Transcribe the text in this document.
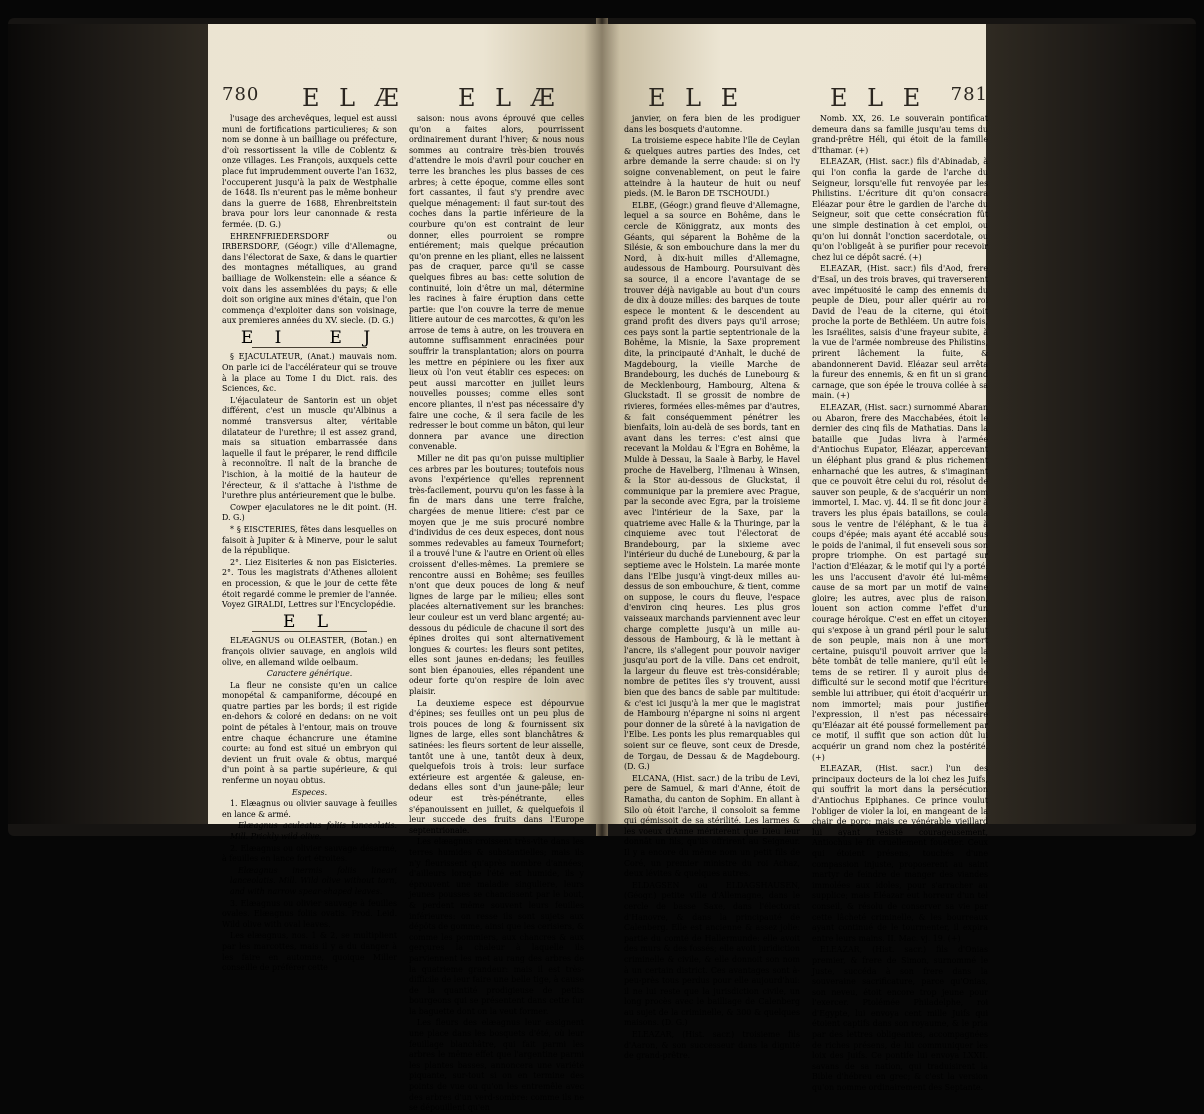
780 E L Æ E L Æ	E L E	E L E 781

l'usage des archevêques, lequel est aussi muni de fortifications particulieres; & son nom se donne à un bailliage ou préfecture, d'où ressortissent la ville de Coblentz & onze villages. Les François, auxquels cette place fut imprudemment ouverte l'an 1632, l'occuperent jusqu'à la paix de Westphalie de 1648. Ils n'eurent pas le même bonheur dans la guerre de 1688, Ehrenbreitstein brava pour lors leur canonnade & resta fermée. (D. G.)

EHRENFRIEDERSDORF ou IRBERSDORF, (Géogr.) ville d'Allemagne, dans l'électorat de Saxe, & dans le quartier des montagnes métalliques, au grand bailliage de Wolkenstein: elle a séance & voix dans les assemblées du pays; & elle doit son origine aux mines d'étain, que l'on commença d'exploiter dans son voisinage, aux premieres années du XV. siecle. (D. G.)

E I   E J

§ EJACULATEUR, (Anat.) mauvais nom. On parle ici de l'accélérateur qui se trouve à la place au Tome I du Dict. rais. des Sciences, &c.

L'éjaculateur de Santorin est un objet différent, c'est un muscle qu'Albinus a nommé transversus alter, véritable dilatateur de l'urethre; il est assez grand, mais sa situation embarrassée dans laquelle il faut le préparer, le rend difficile à reconnoître. Il naît de la branche de l'ischion, à la moitié de la hauteur de l'érecteur, & il s'attache à l'isthme de l'urethre plus antérieurement que le bulbe.

Cowper ejaculatores ne le dit point. (H. D. G.)

* § EISCTERIES, fêtes dans lesquelles on faisoit à Jupiter & à Minerve, pour le salut de la république.

2°. Liez Eisiteries & non pas Eisicteries. 2°. Tous les magistrats d'Athenes alloient en procession, & que le jour de cette fête étoit regardé comme le premier de l'année. Voyez GIRALDI, Lettres sur l'Encyclopédie.

E L

ELÆAGNUS ou OLEASTER, (Botan.) en françois olivier sauvage, en anglois wild olive, en allemand wilde oelbaum.

Caractere générique.

La fleur ne consiste qu'en un calice monopétal & campaniforme, découpé en quatre parties par les bords; il est rigide en-dehors & coloré en dedans: on ne voit point de pétales à l'entour, mais on trouve entre chaque échancrure une étamine courte: au fond est situé un embryon qui devient un fruit ovale & obtus, marqué d'un point à sa partie supérieure, & qui renferme un noyau obtus.

Especes.

1. Elæagnus ou olivier sauvage à feuilles en lance & armé.

Elæagnus aculeatus foliis lanceolatis. Mill. Prickly wild olive.

2. Elæagnus ou olivier sauvage désarmé, à feuilles en lance fort étroites.

Elæagnus inermis foliis lineari lanceolatis. Mill. Wild olive without torn, and with narrow spear-shaped leaves.

3. Elæagnus ou olivier sauvage à feuilles ovales. Elæagnus foliis ovatis. Prod. Leid. Wild olive with oval leaves.

Les elæagnus, nos. 1 & 2, se multiplient par les marcottes, mais il y a du danger à les faire en automne, quoique Miller conseille de préférer cette

saison: nous avons éprouvé que celles qu'on a faites alors, pourrissent ordinairement durant l'hiver; & nous nous sommes au contraire très-bien trouvés d'attendre le mois d'avril pour coucher en terre les branches les plus basses de ces arbres; à cette époque, comme elles sont fort cassantes, il faut s'y prendre avec quelque ménagement: il faut sur-tout des coches dans la partie inférieure de la courbure qu'on est contraint de leur donner, elles pourroient se rompre entiérement; mais quelque précaution qu'on prenne en les pliant, elles ne laissent pas de craquer, parce qu'il se casse quelques fibres au bas: cette solution de continuité, loin d'être un mal, détermine les racines à faire éruption dans cette partie: que l'on couvre la terre de menue litiere autour de ces marcottes, & qu'on les arrose de tems à autre, on les trouvera en automne suffisamment enracinées pour souffrir la transplantation; alors on pourra les mettre en pépiniere ou les fixer aux lieux où l'on veut établir ces especes: on peut aussi marcotter en juillet leurs nouvelles pousses; comme elles sont encore pliantes, il n'est pas nécessaire d'y faire une coche, & il sera facile de les redresser le bout comme un bâton, qui leur donnera par avance une direction convenable.

Miller ne dit pas qu'on puisse multiplier ces arbres par les boutures; toutefois nous avons l'expérience qu'elles reprennent très-facilement, pourvu qu'on les fasse à la fin de mars dans une terre fraîche, chargées de menue litiere: c'est par ce moyen que je me suis procuré nombre d'individus de ces deux especes, dont nous sommes redevables au fameux Tournefort; il a trouvé l'une & l'autre en Orient où elles croissent d'elles-mêmes. La premiere se rencontre aussi en Bohême; ses feuilles n'ont que deux pouces de long & neuf lignes de large par le milieu; elles sont placées alternativement sur les branches: leur couleur est un verd blanc argenté; au-dessous du pédicule de chacune il sort des épines droites qui sont alternativement longues & courtes: les fleurs sont petites, elles sont jaunes en-dedans; les feuilles sont bien épanouies, elles répandent une odeur forte qu'on respire de loin avec plaisir.

La deuxieme espece est dépourvue d'épines; ses feuilles ont un peu plus de trois pouces de long & fournissent six lignes de large, elles sont blanchâtres & satinées: les fleurs sortent de leur aisselle, tantôt une à une, tantôt deux à deux, quelquefois trois à trois: leur surface extérieure est argentée & galeuse, en-dedans elles sont d'un jaune-pâle; leur odeur est très-pénétrante, elles s'épanouissent en juillet, & quelquefois il leur succede des fruits dans l'Europe septentrionale.

Les elæagnus croissent très-vîte dans les terres humides & substantielles; mais ils n'y fleurissent qu'après nombre d'années; d'ailleurs lorsque l'été est humide, ils y éprouvent une maladie singuliere, leurs jeunes pousses se chancissent par le bout, & perdent même souvent leurs feuilles inférieures: on resse ils sont sujets aux dépôts de gomme, ainsi que les cerisiers, & comme les pommiers, aux chancres & aux gerçures la chaleur à laquelle ils parviennent les met au rang des arbres de la quatrieme grandeur: mais il est très-difficile de leur faire une belle tige, à cause de la quantité prodigieuse de petits bourgeons qui se présentent dans cette fur la baguette dont on la veut former.

Les fleurs des elæagnus leur assignent une place dans les bosquets d'été, où leur feuillage blanchâtre, qui fait parmi les arbres le même effet que l'argentine parmi les plantes basses, annoncera une variété piquante, sur-tout si on en termine des points de vue ou qu'on les entremêle avec des arbres d'un verd-sombre: comme ils ne se dépouillent qu'en

janvier, on fera bien de les prodiguer dans les bosquets d'automne.

La troisieme espece habite l'île de Ceylan & quelques autres parties des Indes, cet arbre demande la serre chaude: si on l'y soigne convenablement, on peut le faire atteindre à la hauteur de huit ou neuf pieds. (M. le Baron DE TSCHOUDI.)

ELBE, (Géogr.) grand fleuve d'Allemagne, lequel a sa source en Bohême, dans le cercle de Königgratz, aux monts des Géants, qui séparent la Bohême de la Silésie, & son embouchure dans la mer du Nord, à dix-huit milles d'Allemagne, audessous de Hambourg. Poursuivant dès sa source, il a encore l'avantage de se trouver déjà navigable au bout d'un cours de dix à douze milles: des barques de toute espece le montent & le descendent au grand profit des divers pays qu'il arrose; ces pays sont la partie septentrionale de la Bohême, la Misnie, la Saxe proprement dite, la principauté d'Anhalt, le duché de Magdebourg, la vieille Marche de Brandebourg, les duchés de Lunebourg & de Mecklenbourg, Hambourg, Altena & Gluckstadt. Il se grossit de nombre de rivieres, formées elles-mêmes par d'autres, & fait conséquemment pénétrer les bienfaits, loin au-delà de ses bords, tant en avant dans les terres: c'est ainsi que recevant la Moldau & l'Egra en Bohême, la Mulde à Dessau, la Saale à Barby, le Havel proche de Havelberg, l'Ilmenau à Winsen, & la Stor au-dessous de Gluckstat, il communique par la premiere avec Prague, par la seconde avec Egra, par la troisieme avec l'intérieur de la Saxe, par la quatrieme avec Halle & la Thuringe, par la cinquieme avec tout l'électorat de Brandebourg, par la sixieme avec l'intérieur du duché de Lunebourg, & par la septieme avec le Holstein. La marée monte dans l'Elbe jusqu'à vingt-deux milles au-dessus de son embouchure, & tient, comme on suppose, le cours du fleuve, l'espace d'environ cinq heures. Les plus gros vaisseaux marchands parviennent avec leur charge complette jusqu'à un mille au-dessous de Hambourg, & là le mettant à l'ancre, ils s'allegent pour pouvoir naviger jusqu'au port de la ville. Dans cet endroit, la largeur du fleuve est très-considérable; nombre de petites îles s'y trouvent, aussi bien que des bancs de sable par multitude: & c'est ici jusqu'à la mer que le magistrat de Hambourg n'épargne ni soins ni argent pour donner de la sûreté à la navigation de l'Elbe. Les ponts les plus remarquables qui soient sur ce fleuve, sont ceux de Dresde, de Torgau, de Dessau & de Magdebourg. (D. G.)

ELCANA, (Hist. sacr.) de la tribu de Levi, pere de Samuel, & mari d'Anne, étoit de Ramatha, du canton de Sophim. En allant à Silo où étoit l'arche, il consoloit sa femme qui gémissoit de sa stérilité. Les larmes & les voeux d'Anne mériterent que Dieu leur donnât un fils, qu'ils offrirent au Seigneur. Il y a encore du même nom un petit fils de Coré, un premier ministre du roi Achaz, deux lévites & quelques autres.

ELDAGSEN ou ELDAGSHAUSEN, (Géogr.) petite ville d'Allemagne, dans le cercle de basse Saxe, dans l'électorat d'Hanovre, & dans la principauté de Calenberg. Elle est ancienne & assez jolie: partie du comté de Hallermunde: elle avoit des murs & des fossés; elle avoit juridiction criminelle & civile, & elle donnoit son nom à un certain district. Ces avantages sont à-peu-près tous perdus pour elle aujourd'hui: il ne lui reste que la jurisdiction civile, un long procès avec le bailliage de Calenberg au sujet de la criminelle, & 300 & quelques maisons. (D. G.)

ELEAZAR, (Hist. sacr.) troisieme fils d'Aaron, & son successeur dans la dignité de grand-prêtre.

Nomb. XX, 26. Le souverain pontificat demeura dans sa famille jusqu'au tems du grand-prêtre Héli, qui étoit de la famille d'Ithamar. (+)

ELEAZAR, (Hist. sacr.) fils d'Abinadab, à qui l'on confia la garde de l'arche du Seigneur, lorsqu'elle fut renvoyée par les Philistins. L'écriture dit qu'on consacra Eléazar pour être le gardien de l'arche du Seigneur, soit que cette consécration fût une simple destination à cet emploi, ou qu'on lui donnât l'onction sacerdotale, ou qu'on l'obligeât à se purifier pour recevoir chez lui ce dépôt sacré. (+)

ELEAZAR, (Hist. sacr.) fils d'Aod, frere d'Esaï, un des trois braves, qui traverserent avec impétuosité le camp des ennemis du peuple de Dieu, pour aller quérir au roi David de l'eau de la citerne, qui étoit proche la porte de Bethléem. Un autre fois, les Israélites, saisis d'une frayeur subite, à la vue de l'armée nombreuse des Philistins, prirent lâchement la fuite, & abandonnerent David. Eléazar seul arrêta la fureur des ennemis, & en fit un si grand carnage, que son épée le trouva collée à sa main. (+)

ELEAZAR, (Hist. sacr.) surnommé Abaran ou Abaron, frere des Macchabées, étoit le dernier des cinq fils de Mathatias. Dans la bataille que Judas livra à l'armée d'Antiochus Eupator, Eléazar, appercevant un éléphant plus grand & plus richement enharnaché que les autres, & s'imaginant que ce pouvoit être celui du roi, résolut de sauver son peuple, & de s'acquérir un nom immortel, I. Mac. vj. 44. Il se fit donc jour à travers les plus épais bataillons, se coula sous le ventre de l'éléphant, & le tua à coups d'épée; mais ayant été accablé sous le poids de l'animal, il fut enseveli sous son propre triomphe. On est partagé sur l'action d'Eléazar, & le motif qui l'y a porté: les uns l'accusent d'avoir été lui-même cause de sa mort par un motif de vaine gloire; les autres, avec plus de raison, louent son action comme l'effet d'un courage héroïque. C'est en effet un citoyen qui s'expose à un grand péril pour le salut de son peuple, mais non à une mort certaine, puisqu'il pouvoit arriver que la bête tombât de telle maniere, qu'il eût le tems de se retirer. Il y auroit plus de difficulté sur le second motif que l'écriture semble lui attribuer, qui étoit d'acquérir un nom immortel; mais pour justifier l'expression, il n'est pas nécessaire qu'Eléazar ait été poussé formellement par ce motif, il suffit que son action dût lui acquérir un grand nom chez la postérité. (+)

ELEAZAR, (Hist. sacr.) l'un des principaux docteurs de la loi chez les Juifs, qui souffrit la mort dans la persécution d'Antiochus Epiphanes. Ce prince voulut l'obliger de violer la loi, en mangeant de la chair de porc; mais ce vénérable vieillard lui ayant résisté courageusement, Antiochus le fit cruellement fouetter. Ceux qui étoient présens, touchés d'une compassion injuste, proposerent au saint martyr de feindre de manger des viandes immolées aux idoles, pour s'arracher au supplice; mais Eléazar eut horreur d'un tel conseil, & résolu de conserver sa vie par cette lâcheté criminelle, & les bourreaux ayant continué de le tourmenter, il expira entre leurs mains. II. Mac. vj. 19. (+)

ELEAZAR, (Hist. sacr.) fils d'Onias premier, & frere de Simon, surnommé le Juste, succéda à son frere dans la souveraine sacrificature, parce qu'Onias, son neveu, étoit encore trop jeune pour l'exercer. Ptolémée Philadelphe, roi d'Egypte, lui envoya cent mille Juifs qui étoient captifs dans son royaume, & le pria par des lettres obligeantes, accompagnées de riches présens, de lui communiquer les loix des Juifs. Ce pontife lui envoya LXXII. savans de sa nation, qui traduisirent la Bible d'hébreu en grec; & c'est la version qu'on nomme ordinairement des Septante.
